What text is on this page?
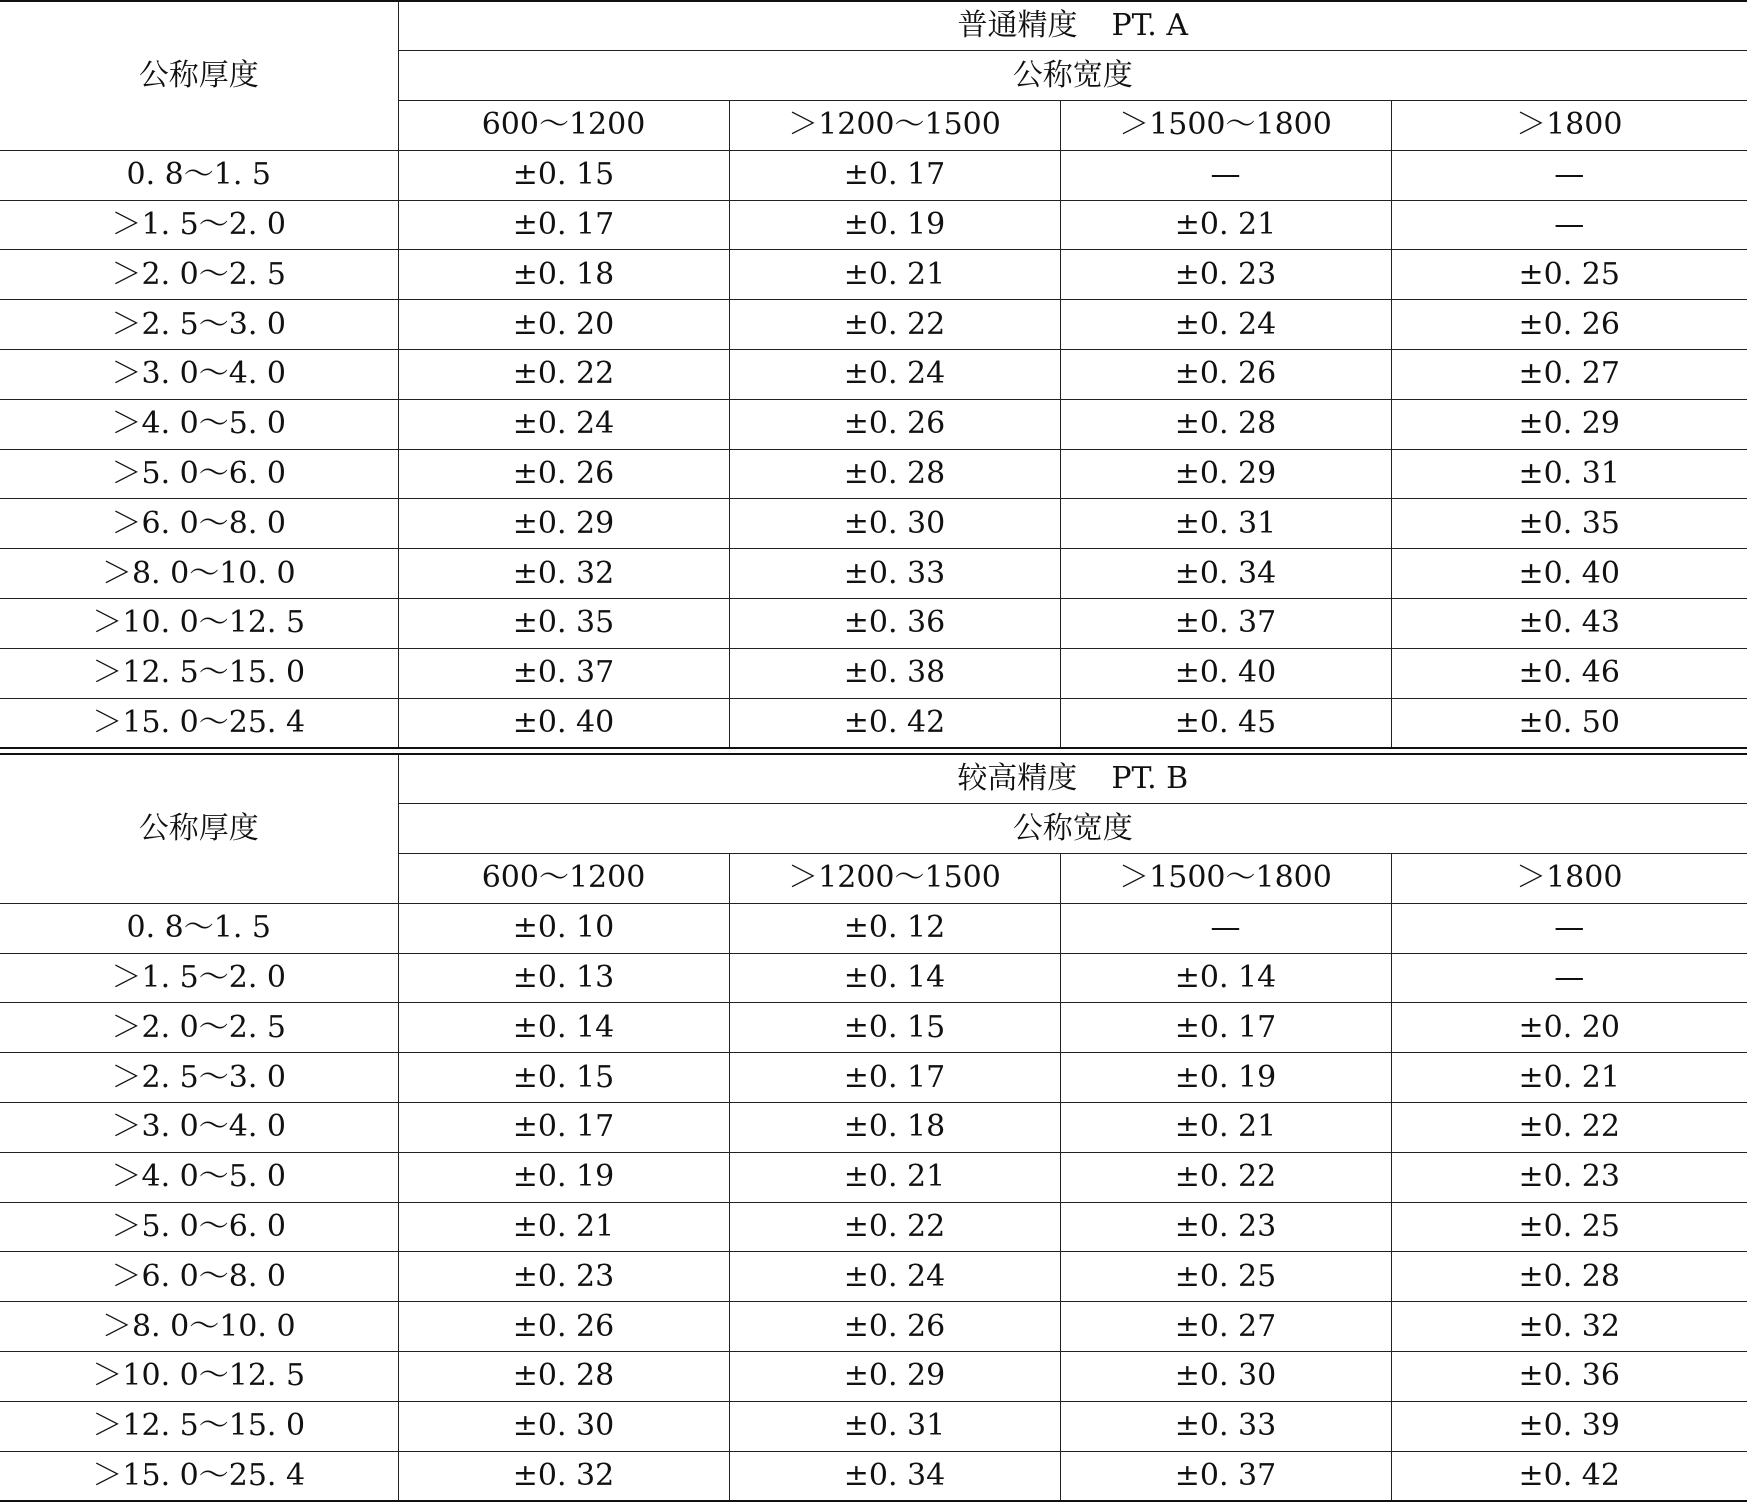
公称厚度	普通精度 PT. A			
	公称宽度			
	600～1200	＞1200～1500	＞1500～1800	＞1800
0. 8～1. 5	±0. 15	±0. 17	—	—
＞1. 5～2. 0	±0. 17	±0. 19	±0. 21	—
＞2. 0～2. 5	±0. 18	±0. 21	±0. 23	±0. 25
＞2. 5～3. 0	±0. 20	±0. 22	±0. 24	±0. 26
＞3. 0～4. 0	±0. 22	±0. 24	±0. 26	±0. 27
＞4. 0～5. 0	±0. 24	±0. 26	±0. 28	±0. 29
＞5. 0～6. 0	±0. 26	±0. 28	±0. 29	±0. 31
＞6. 0～8. 0	±0. 29	±0. 30	±0. 31	±0. 35
＞8. 0～10. 0	±0. 32	±0. 33	±0. 34	±0. 40
＞10. 0～12. 5	±0. 35	±0. 36	±0. 37	±0. 43
＞12. 5～15. 0	±0. 37	±0. 38	±0. 40	±0. 46
＞15. 0～25. 4	±0. 40	±0. 42	±0. 45	±0. 50
公称厚度	较高精度 PT. B			
	公称宽度			
	600～1200	＞1200～1500	＞1500～1800	＞1800
0. 8～1. 5	±0. 10	±0. 12	—	—
＞1. 5～2. 0	±0. 13	±0. 14	±0. 14	—
＞2. 0～2. 5	±0. 14	±0. 15	±0. 17	±0. 20
＞2. 5～3. 0	±0. 15	±0. 17	±0. 19	±0. 21
＞3. 0～4. 0	±0. 17	±0. 18	±0. 21	±0. 22
＞4. 0～5. 0	±0. 19	±0. 21	±0. 22	±0. 23
＞5. 0～6. 0	±0. 21	±0. 22	±0. 23	±0. 25
＞6. 0～8. 0	±0. 23	±0. 24	±0. 25	±0. 28
＞8. 0～10. 0	±0. 26	±0. 26	±0. 27	±0. 32
＞10. 0～12. 5	±0. 28	±0. 29	±0. 30	±0. 36
＞12. 5～15. 0	±0. 30	±0. 31	±0. 33	±0. 39
＞15. 0～25. 4	±0. 32	±0. 34	±0. 37	±0. 42
